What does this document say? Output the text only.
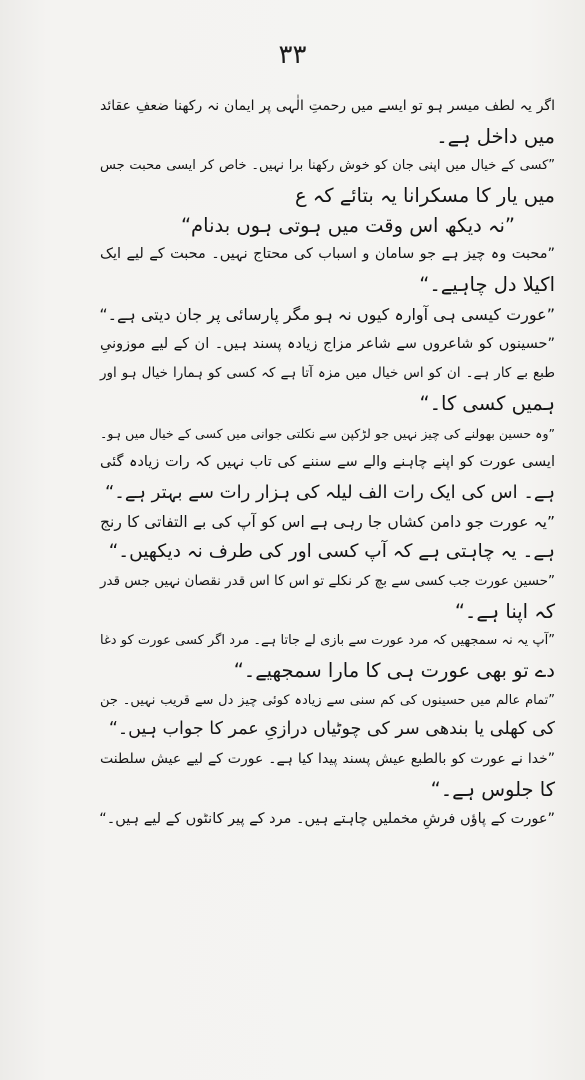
۳۳
اگر یہ لطف میسر ہو تو ایسے میں رحمتِ الٰہی پر ایمان نہ رکھنا ضعفِ عقائد
میں داخل ہے۔
”کسی کے خیال میں اپنی جان کو خوش رکھنا برا نہیں۔ خاص کر ایسی محبت جس
میں یار کا مسکرانا یہ بتائے کہ ع
”نہ دیکھ اس وقت میں ہوتی ہوں بدنام“
”محبت وہ چیز ہے جو سامان و اسباب کی محتاج نہیں۔ محبت کے لیے ایک
اکیلا دل چاہیے۔“
”عورت کیسی ہی آوارہ کیوں نہ ہو مگر پارسائی پر جان دیتی ہے۔“
”حسینوں کو شاعروں سے شاعر مزاج زیادہ پسند ہیں۔ ان کے لیے موزونیِ
طبع بے کار ہے۔ ان کو اس خیال میں مزہ آتا ہے کہ کسی کو ہمارا خیال ہو اور
ہمیں کسی کا۔“
”وہ حسین بھولنے کی چیز نہیں جو لڑکپن سے نکلتی جوانی میں کسی کے خیال میں ہو۔
ایسی عورت کو اپنے چاہنے والے سے سننے کی تاب نہیں کہ رات زیادہ گئی
ہے۔ اس کی ایک رات الف لیلہ کی ہزار رات سے بہتر ہے۔“
”یہ عورت جو دامن کشاں جا رہی ہے اس کو آپ کی بے التفاتی کا رنج
ہے۔ یہ چاہتی ہے کہ آپ کسی اور کی طرف نہ دیکھیں۔“
”حسین عورت جب کسی سے بچ کر نکلے تو اس کا اس قدر نقصان نہیں جس قدر
کہ اپنا ہے۔“
”آپ یہ نہ سمجھیں کہ مرد عورت سے بازی لے جاتا ہے۔ مرد اگر کسی عورت کو دغا
دے تو بھی عورت ہی کا مارا سمجھیے۔“
”تمام عالم میں حسینوں کی کم سنی سے زیادہ کوئی چیز دل سے قریب نہیں۔ جن
کی کھلی یا بندھی سر کی چوٹیاں درازیِ عمر کا جواب ہیں۔“
”خدا نے عورت کو بالطبع عیش پسند پیدا کیا ہے۔ عورت کے لیے عیش سلطنت
کا جلوس ہے۔“
”عورت کے پاؤں فرشِ مخملیں چاہتے ہیں۔ مرد کے پیر کانٹوں کے لیے ہیں۔“
